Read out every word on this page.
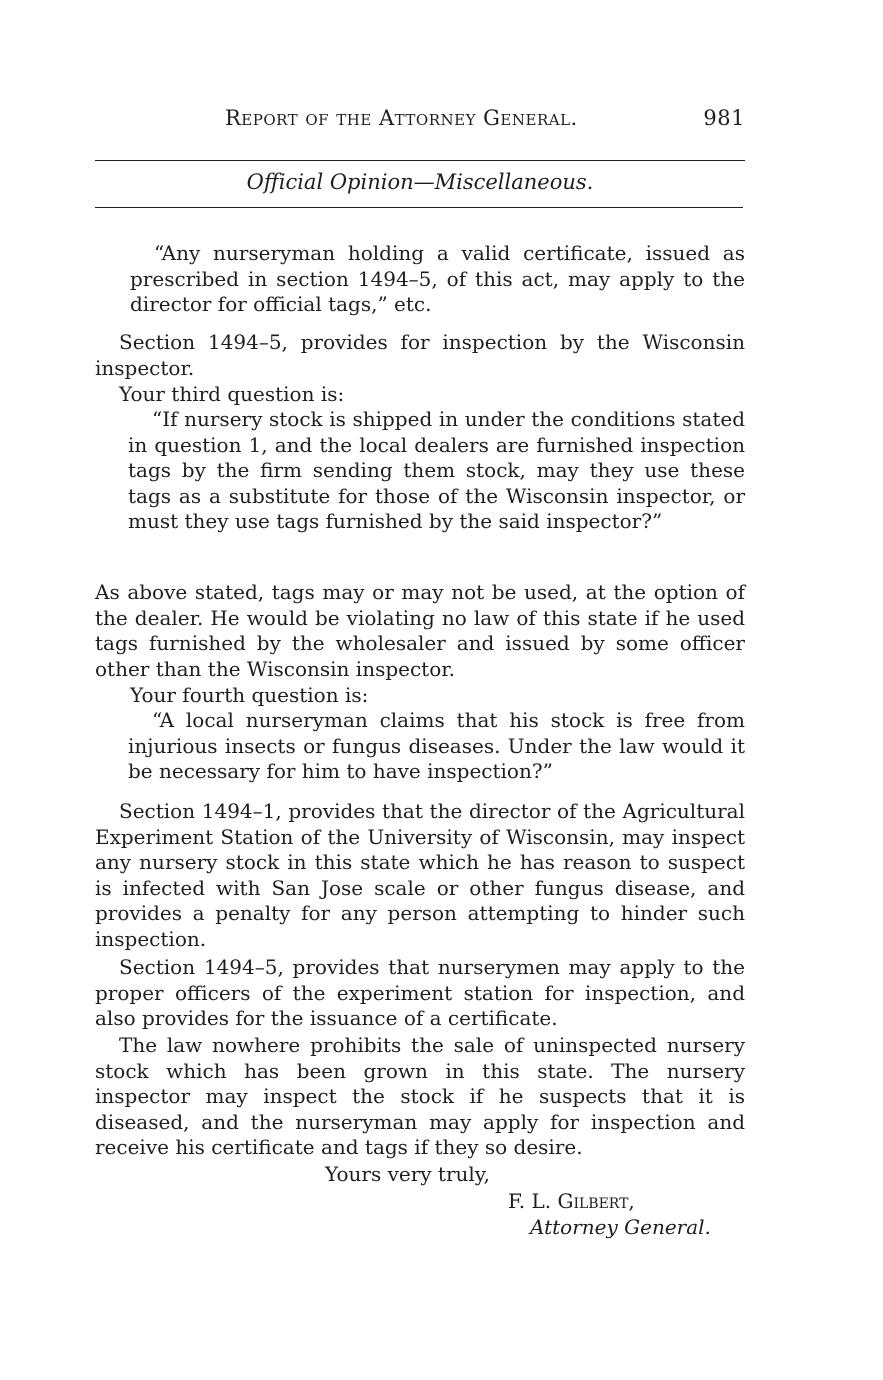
Report of the Attorney General.	981
Official Opinion—Miscellaneous.

“Any nurseryman holding a valid certificate, issued as prescribed in section 1494–5, of this act, may apply to the director for official tags,” etc.

Section 1494–5, provides for inspection by the Wisconsin inspector.

Your third question is:

“If nursery stock is shipped in under the conditions stated in question 1, and the local dealers are furnished inspection tags by the firm sending them stock, may they use these tags as a substitute for those of the Wisconsin inspector, or must they use tags furnished by the said inspector?”

As above stated, tags may or may not be used, at the option of the dealer. He would be violating no law of this state if he used tags furnished by the wholesaler and issued by some officer other than the Wisconsin inspector.

Your fourth question is:

“A local nurseryman claims that his stock is free from injurious insects or fungus diseases. Under the law would it be necessary for him to have inspection?”

Section 1494–1, provides that the director of the Agricultural Experiment Station of the University of Wisconsin, may inspect any nursery stock in this state which he has reason to suspect is infected with San Jose scale or other fungus disease, and provides a penalty for any person attempting to hinder such inspection.

Section 1494–5, provides that nurserymen may apply to the proper officers of the experiment station for inspection, and also provides for the issuance of a certificate.

The law nowhere prohibits the sale of uninspected nursery stock which has been grown in this state. The nursery inspector may inspect the stock if he suspects that it is diseased, and the nurseryman may apply for inspection and receive his certificate and tags if they so desire.

Yours very truly,
F. L. Gilbert,
Attorney General.
